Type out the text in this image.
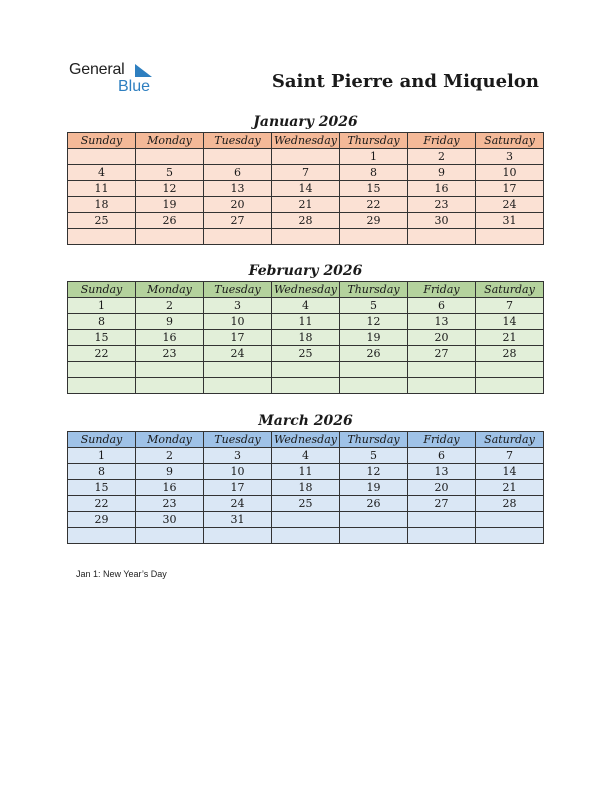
General
Blue	Saint Pierre and Miquelon
January 2026
Sunday	Monday	Tuesday	Wednesday	Thursday	Friday	Saturday
				1	2	3
4	5	6	7	8	9	10
11	12	13	14	15	16	17
18	19	20	21	22	23	24
25	26	27	28	29	30	31

February 2026
Sunday	Monday	Tuesday	Wednesday	Thursday	Friday	Saturday
1	2	3	4	5	6	7
8	9	10	11	12	13	14
15	16	17	18	19	20	21
22	23	24	25	26	27	28

March 2026
Sunday	Monday	Tuesday	Wednesday	Thursday	Friday	Saturday
1	2	3	4	5	6	7
8	9	10	11	12	13	14
15	16	17	18	19	20	21
22	23	24	25	26	27	28
29	30	31				

Jan 1: New Year’s Day
